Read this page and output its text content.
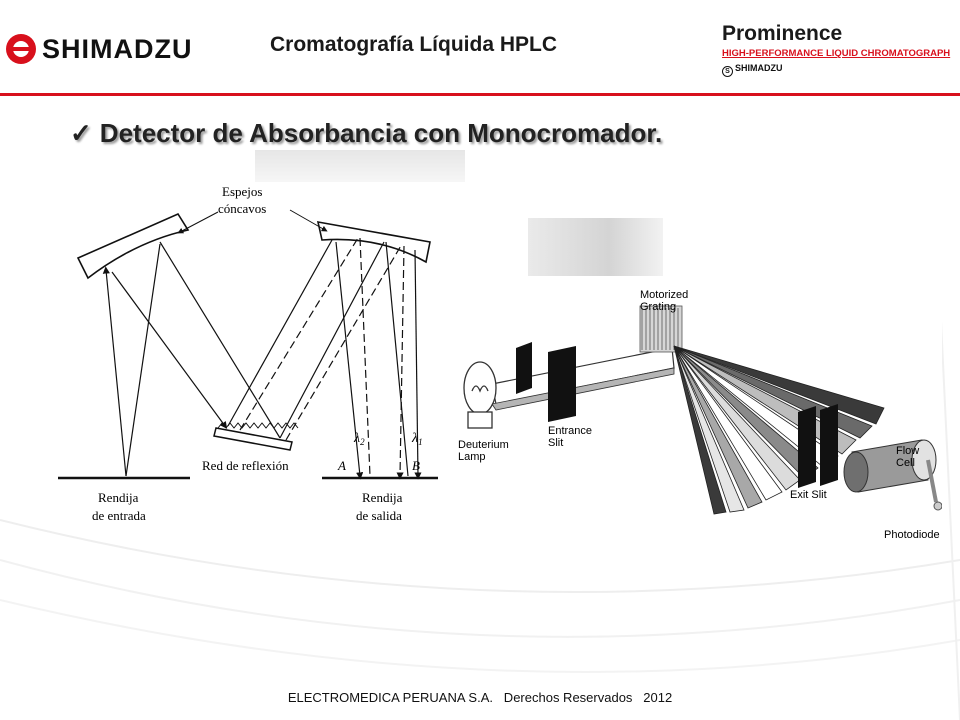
SHIMADZU	Cromatografía Líquida HPLC	Prominence
HIGH-PERFORMANCE LIQUID CHROMATOGRAPH
S SHIMADZU
✓ Detector de Absorbancia con Monocromador.
Espejos
cóncavos
Red de reflexión
Rendija
de entrada
Rendija
de salida
$\lambda_2$	$\lambda_1$
A	B
Motorized
Grating
Deuterium
Lamp
Entrance
Slit
Exit Slit
Flow
Cell
Photodiode
ELECTROMEDICA PERUANA S.A.   Derechos Reservados   2012
